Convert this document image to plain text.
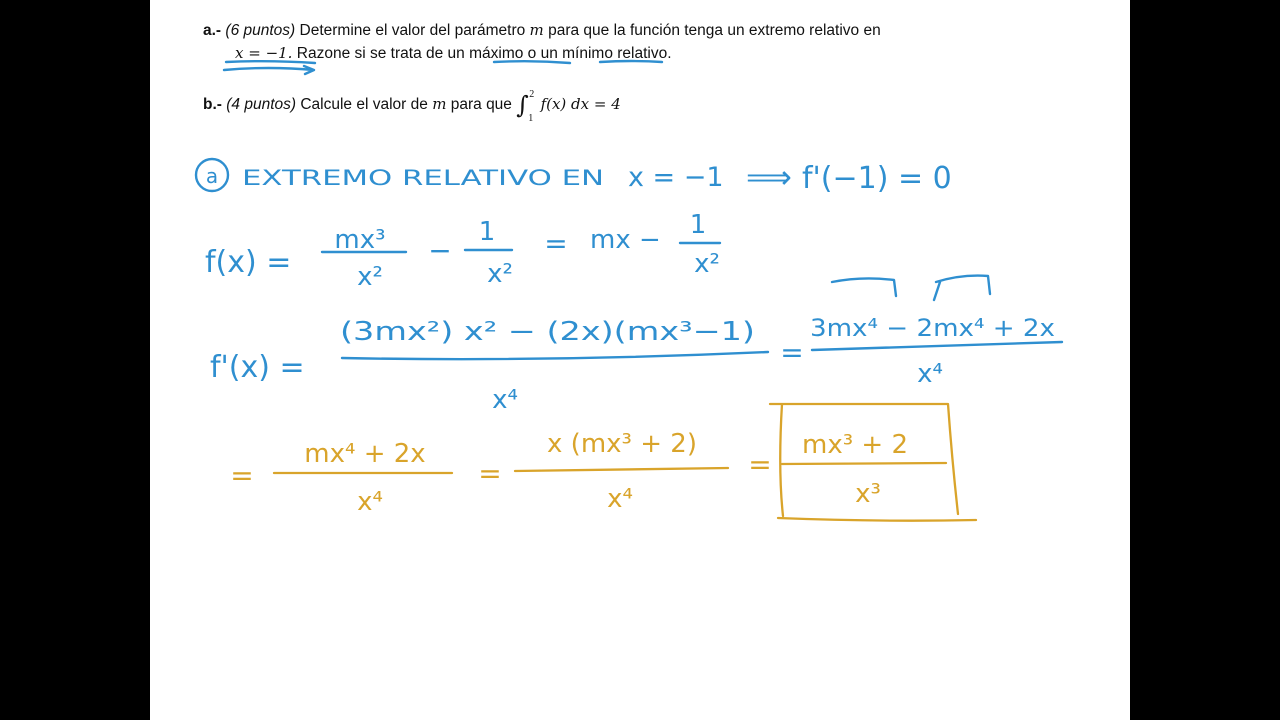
a.- (6 puntos) Determine el valor del parámetro m para que la función tenga un extremo relativo en
x = −1. Razone si se trata de un máximo o un mínimo relativo.
b.- (4 puntos) Calcule el valor de m para que ∫ 2
1
f(x) dx = 4
a EXTREMO RELATIVO EN x = −1 ⟹ f'(−1) = 0
f(x) =
mx³
x²
−
1
x²
= mx − 1
x²
f'(x) =
(3mx²) x² − (2x)(mx³−1)
x⁴
=
3mx⁴ − 2mx⁴ + 2x
x⁴
=
mx⁴ + 2x
x⁴
=
x (mx³ + 2)
x⁴
=
mx³ + 2
x³
